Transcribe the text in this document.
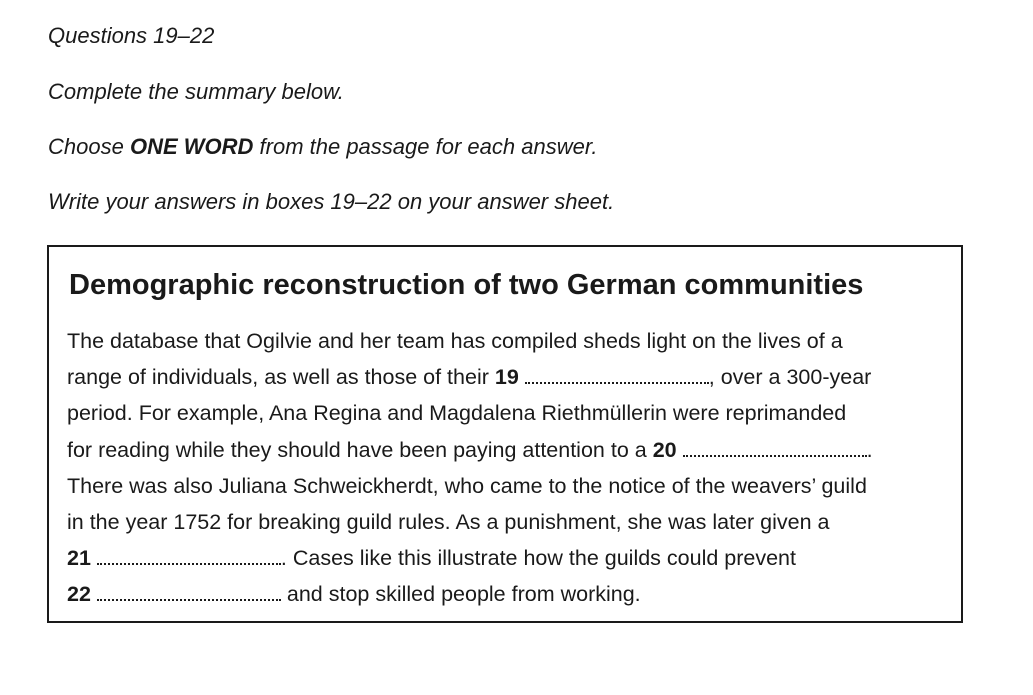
Questions 19–22

Complete the summary below.

Choose ONE WORD from the passage for each answer.

Write your answers in boxes 19–22 on your answer sheet.

Demographic reconstruction of two German communities
The database that Ogilvie and her team has compiled sheds light on the lives of a
range of individuals, as well as those of their 19	, over a 300-year
period. For example, Ana Regina and Magdalena Riethmüllerin were reprimanded
for reading while they should have been paying attention to a 20	.
There was also Juliana Schweickherdt, who came to the notice of the weavers’ guild
in the year 1752 for breaking guild rules. As a punishment, she was later given a
21	. Cases like this illustrate how the guilds could prevent
22	and stop skilled people from working.
